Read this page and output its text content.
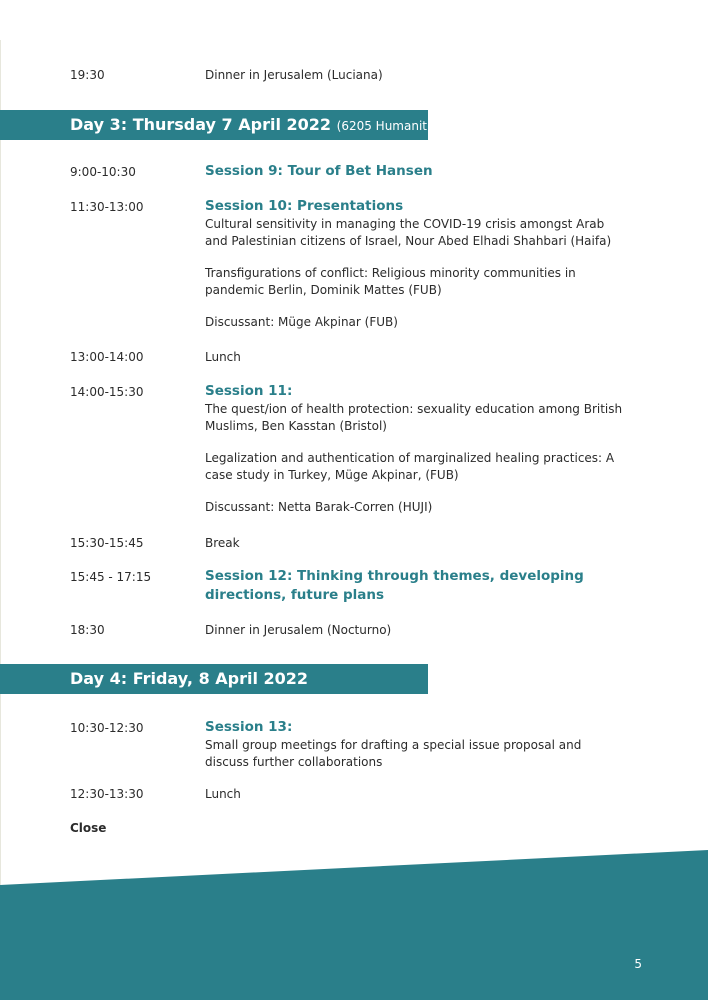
19:30	Dinner in Jerusalem (Luciana)
Day 3: Thursday 7 April 2022 (6205 Humanities)
9:00-10:30	Session 9: Tour of Bet Hansen
11:30-13:00	Session 10: Presentations

Cultural sensitivity in managing the COVID-19 crisis amongst Arab and Palestinian citizens of Israel, Nour Abed Elhadi Shahbari (Haifa)

Transfigurations of conflict: Religious minority communities in pandemic Berlin, Dominik Mattes (FUB)

Discussant: Müge Akpinar (FUB)

13:00-14:00	Lunch
14:00-15:30	Session 11:

The quest/ion of health protection: sexuality education among British Muslims, Ben Kasstan (Bristol)

Legalization and authentication of marginalized healing practices: A case study in Turkey, Müge Akpinar, (FUB)

Discussant: Netta Barak-Corren (HUJI)

15:30-15:45	Break
15:45 - 17:15	Session 12: Thinking through themes, developing directions, future plans
18:30	Dinner in Jerusalem (Nocturno)
Day 4: Friday, 8 April 2022
10:30-12:30	Session 13:

Small group meetings for drafting a special issue proposal and discuss further collaborations

12:30-13:30	Lunch
Close
5
